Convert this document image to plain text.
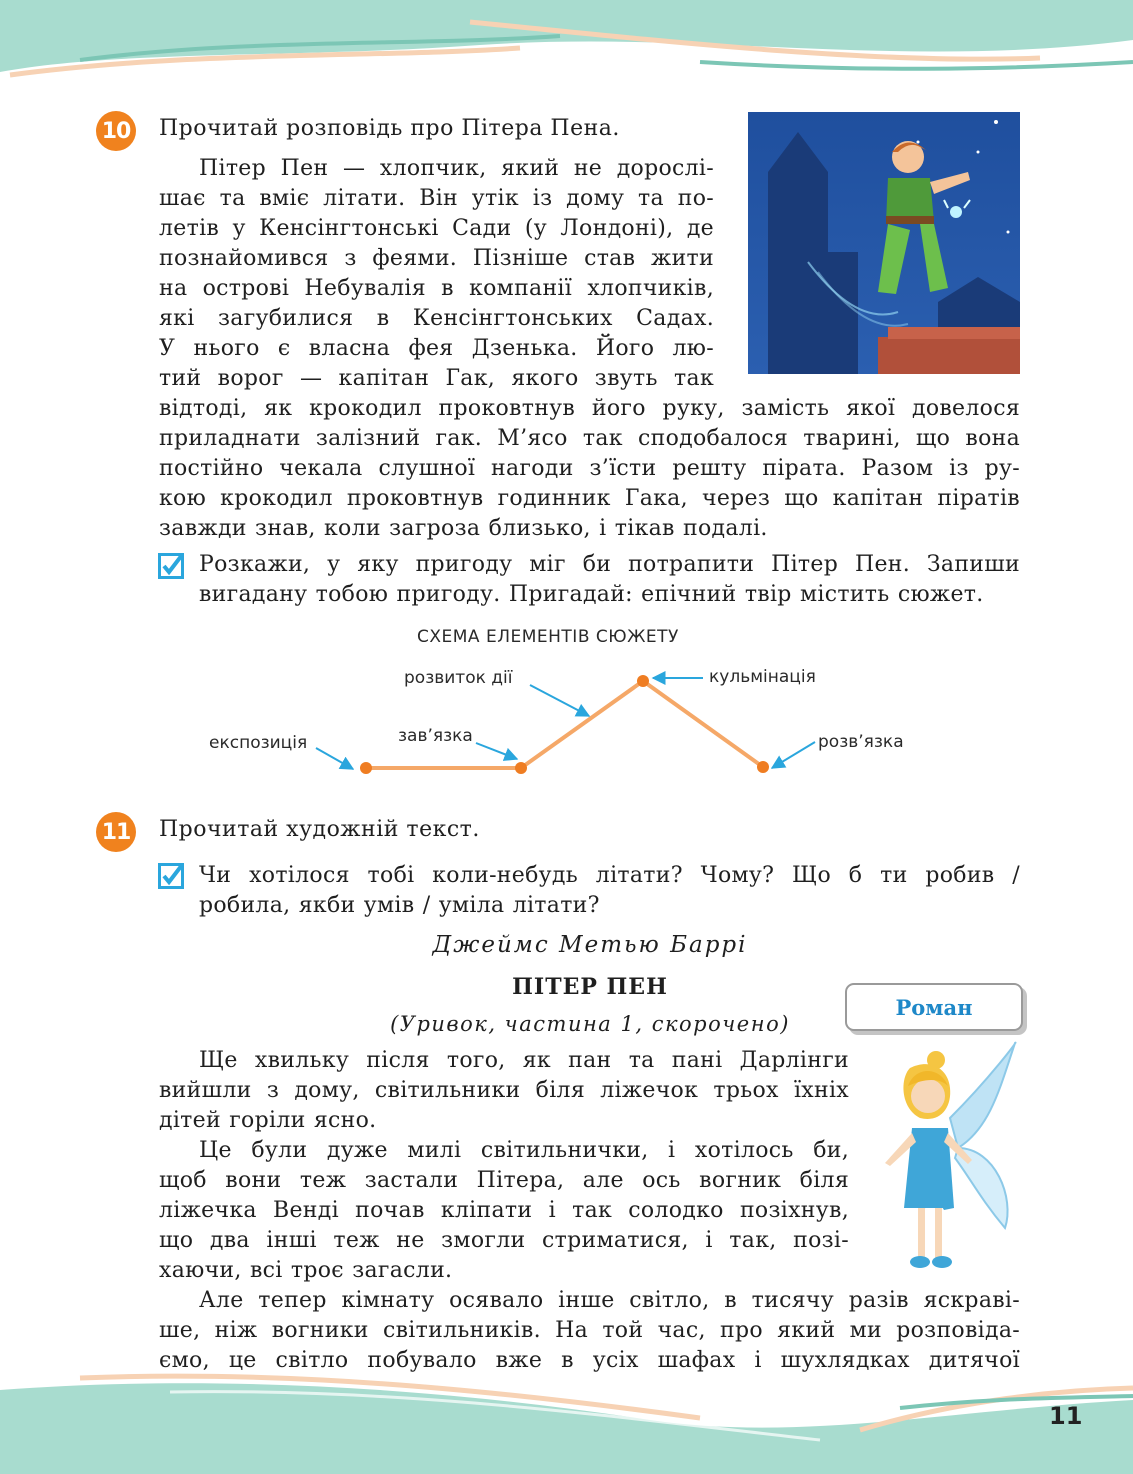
10 Прочитай розповідь про Пітера Пена.

Пітер Пен — хлопчик, який не дорослі-

шає та вміє літати. Він утік із дому та по-

летів у Кенсінгтонські Сади (у Лондоні), де

познайомився з феями. Пізніше став жити

на острові Небувалія в компанії хлопчиків,

які загубилися в Кенсінгтонських Садах.

У нього є власна фея Дзенька. Його лю-

тий ворог — капітан Гак, якого звуть так

відтоді, як крокодил проковтнув його руку, замість якої довелося

приладнати залізний гак. М’ясо так сподобалося тварині, що вона

постійно чекала слушної нагоди з’їсти решту пірата. Разом із ру-

кою крокодил проковтнув годинник Гака, через що капітан піратів

завжди знав, коли загроза близько, і тікав подалі.

Розкажи, у яку пригоду міг би потрапити Пітер Пен. Запиши

вигадану тобою пригоду. Пригадай: епічний твір містить сюжет.

СХЕМА ЕЛЕМЕНТІВ СЮЖЕТУ
розвиток дії	кульмінація
зав’язка
експозиція	розв’язка
11 Прочитай художній текст.

Чи хотілося тобі коли-небудь літати? Чому? Що б ти робив /

робила, якби умів / уміла літати?

Джеймс Метью Баррі
ПІТЕР ПЕН
(Уривок, частина 1, скорочено)
Роман

Ще хвильку після того, як пан та пані Дарлінги

вийшли з дому, світильники біля ліжечок трьох їхніх

дітей горіли ясно.

Це були дуже милі світильнички, і хотілось би,

щоб вони теж застали Пітера, але ось вогник біля

ліжечка Венді почав кліпати і так солодко позіхнув,

що два інші теж не змогли стриматися, і так, позі-

хаючи, всі троє загасли.

Але тепер кімнату осявало інше світло, в тисячу разів яскраві-

ше, ніж вогники світильників. На той час, про який ми розповіда-

ємо, це світло побувало вже в усіх шафах і шухлядках дитячої

11
